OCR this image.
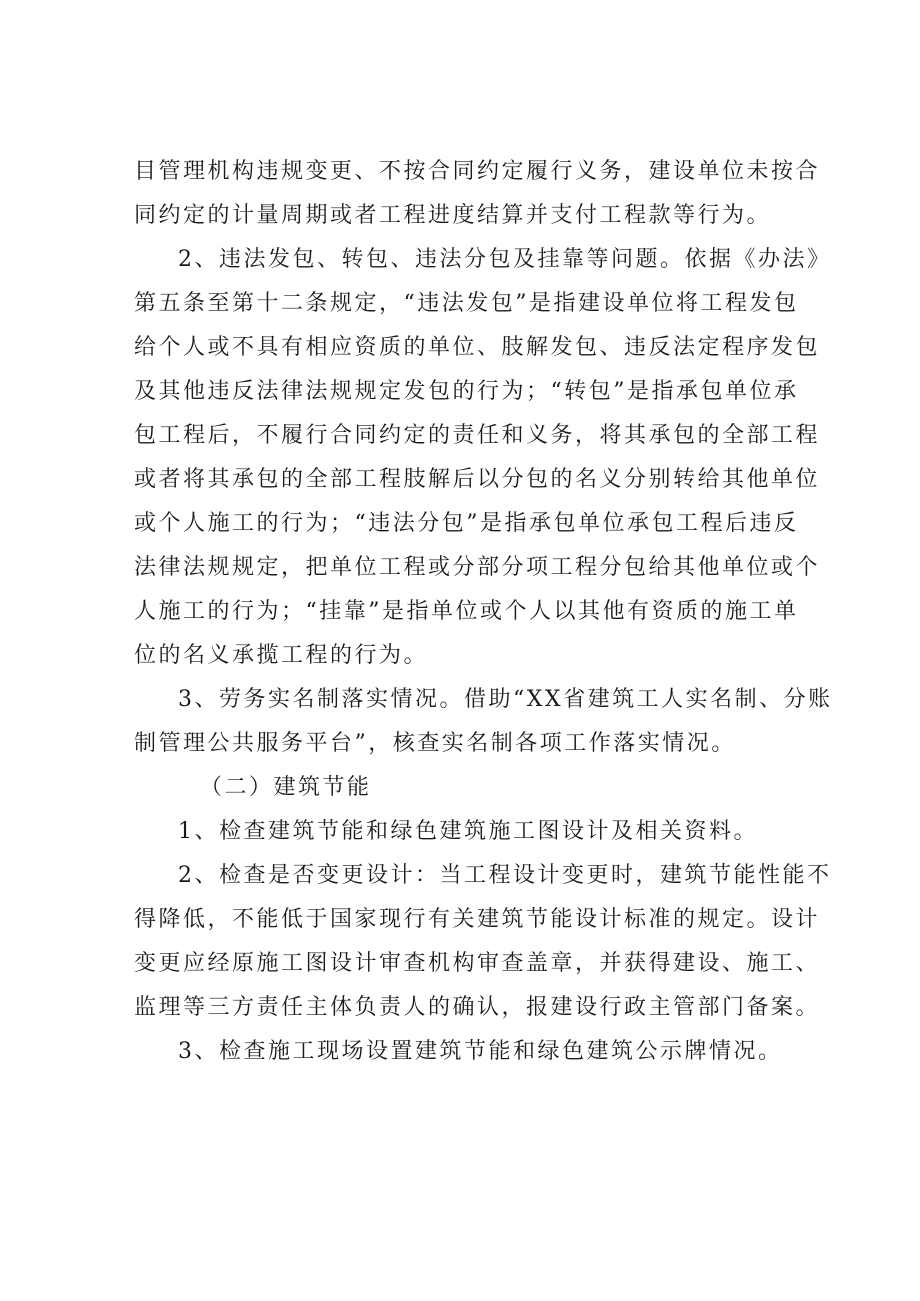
目管理机构违规变更、不按合同约定履行义务，建设单位未按合
同约定的计量周期或者工程进度结算并支付工程款等行为。
2、违法发包、转包、违法分包及挂靠等问题。依据《办法》
第五条至第十二条规定，“违法发包”是指建设单位将工程发包
给个人或不具有相应资质的单位、肢解发包、违反法定程序发包
及其他违反法律法规规定发包的行为；“转包”是指承包单位承
包工程后，不履行合同约定的责任和义务，将其承包的全部工程
或者将其承包的全部工程肢解后以分包的名义分别转给其他单位
或个人施工的行为；“违法分包”是指承包单位承包工程后违反
法律法规规定，把单位工程或分部分项工程分包给其他单位或个
人施工的行为；“挂靠”是指单位或个人以其他有资质的施工单
位的名义承揽工程的行为。
3、劳务实名制落实情况。借助“XX省建筑工人实名制、分账
制管理公共服务平台”，核查实名制各项工作落实情况。
（二）建筑节能
1、检查建筑节能和绿色建筑施工图设计及相关资料。
2、检查是否变更设计：当工程设计变更时，建筑节能性能不
得降低，不能低于国家现行有关建筑节能设计标准的规定。设计
变更应经原施工图设计审查机构审查盖章，并获得建设、施工、
监理等三方责任主体负责人的确认，报建设行政主管部门备案。
3、检查施工现场设置建筑节能和绿色建筑公示牌情况。
